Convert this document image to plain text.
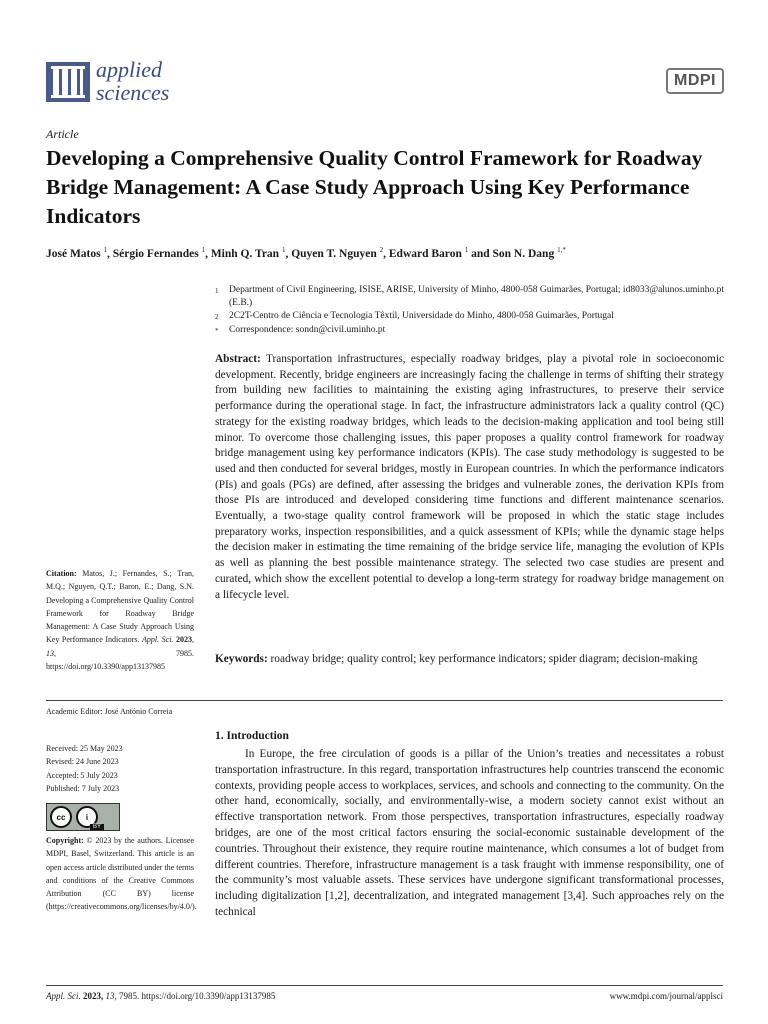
applied
sciences	MDPI
Article
Developing a Comprehensive Quality Control Framework for Roadway Bridge Management: A Case Study Approach Using Key Performance Indicators
José Matos $^1$, Sérgio Fernandes $^1$, Minh Q. Tran $^1$, Quyen T. Nguyen $^2$, Edward Baron $^1$ and Son N. Dang $^{1,*}$
1	Department of Civil Engineering, ISISE, ARISE, University of Minho, 4800-058 Guimarães, Portugal; id8033@alunos.uminho.pt (E.B.)
2	2C2T-Centro de Ciência e Tecnologia Têxtil, Universidade do Minho, 4800-058 Guimarães, Portugal
*	Correspondence: sondn@civil.uminho.pt
Abstract: Transportation infrastructures, especially roadway bridges, play a pivotal role in socioeconomic development. Recently, bridge engineers are increasingly facing the challenge in terms of shifting their strategy from building new facilities to maintaining the existing aging infrastructures, to preserve their service performance during the operational stage. In fact, the infrastructure administrators lack a quality control (QC) strategy for the existing roadway bridges, which leads to the decision-making application and tool being still minor. To overcome those challenging issues, this paper proposes a quality control framework for roadway bridge management using key performance indicators (KPIs). The case study methodology is suggested to be used and then conducted for several bridges, mostly in European countries. In which the performance indicators (PIs) and goals (PGs) are defined, after assessing the bridges and vulnerable zones, the derivation KPIs from those PIs are introduced and developed considering time functions and different maintenance scenarios. Eventually, a two-stage quality control framework will be proposed in which the static stage includes preparatory works, inspection responsibilities, and a quick assessment of KPIs; while the dynamic stage helps the decision maker in estimating the time remaining of the bridge service life, managing the evolution of KPIs as well as planning the best possible maintenance strategy. The selected two case studies are present and curated, which show the excellent potential to develop a long-term strategy for roadway bridge management on a lifecycle level.
Keywords: roadway bridge; quality control; key performance indicators; spider diagram; decision-making
Citation: Matos, J.; Fernandes, S.; Tran, M.Q.; Nguyen, Q.T.; Baron, E.; Dang, S.N. Developing a Comprehensive Quality Control Framework for Roadway Bridge Management: A Case Study Approach Using Key Performance Indicators. Appl. Sci. 2023, 13, 7985. https://doi.org/10.3390/app13137985
Academic Editor: José António Correia
Received: 25 May 2023
Revised: 24 June 2023
Accepted: 5 July 2023
Published: 7 July 2023
cc	i
BY
Copyright: © 2023 by the authors. Licensee MDPI, Basel, Switzerland. This article is an open access article distributed under the terms and conditions of the Creative Commons Attribution (CC BY) license (https://creativecommons.org/licenses/by/4.0/).
1. Introduction
In Europe, the free circulation of goods is a pillar of the Union’s treaties and necessitates a robust transportation infrastructure. In this regard, transportation infrastructures help countries transcend the economic contexts, providing people access to workplaces, services, and schools and connecting to the community. On the other hand, economically, socially, and environmentally-wise, a modern society cannot exist without an effective transportation network. From those perspectives, transportation infrastructures, especially roadway bridges, are one of the most critical factors ensuring the social-economic sustainable development of the countries. Throughout their existence, they require routine maintenance, which consumes a lot of budget from different countries. Therefore, infrastructure management is a task fraught with immense responsibility, one of the community’s most valuable assets. These services have undergone significant transformational processes, including digitalization [1,2], decentralization, and integrated management [3,4]. Such approaches rely on the technical
Appl. Sci. 2023, 13, 7985. https://doi.org/10.3390/app13137985	www.mdpi.com/journal/applsci
